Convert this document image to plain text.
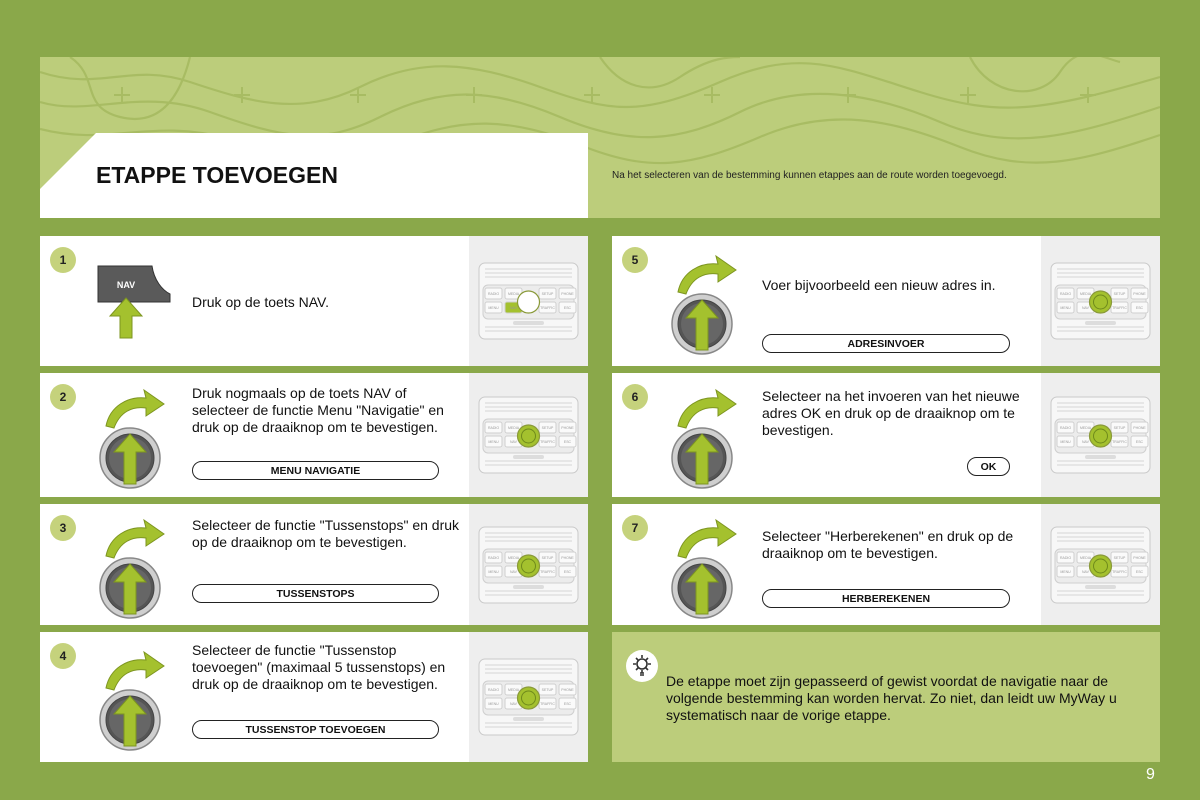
ETAPPE TOEVOEGEN	Na het selecteren van de bestemming kunnen etappes aan de route worden toegevoegd.
RADIO	MEDIA	SETUP PHONE
MENU	NAV	TRAFFIC	ESC
1
NAV
Druk op de toets NAV.
RADIO	MEDIA	SETUP PHONE
MENU	NAV	TRAFFIC	ESC
2	Druk nogmaals op de toets NAV of selecteer de functie Menu "Navigatie" en druk op de draaiknop om te bevestigen.
MENU NAVIGATIE
RADIO	MEDIA	SETUP PHONE
MENU	NAV	TRAFFIC	ESC
3	Selecteer de functie "Tussenstops" en druk op de draaiknop om te bevestigen.
TUSSENSTOPS
RADIO	MEDIA	SETUP PHONE
MENU	NAV	TRAFFIC	ESC
4	Selecteer de functie "Tussenstop toevoegen" (maximaal 5 tussenstops) en druk op de draaiknop om te bevestigen.
TUSSENSTOP TOEVOEGEN
RADIO	MEDIA	SETUP PHONE
MENU	NAV	TRAFFIC	ESC
5
Voer bijvoorbeeld een nieuw adres in.
ADRESINVOER
RADIO	MEDIA	SETUP PHONE
MENU	NAV	TRAFFIC	ESC
6	Selecteer na het invoeren van het nieuwe adres OK en druk op de draaiknop om te bevestigen.
OK
RADIO	MEDIA	SETUP PHONE
MENU	NAV	TRAFFIC	ESC
7	Selecteer "Herberekenen" en druk op de draaiknop om te bevestigen.
HERBEREKENEN
De etappe moet zijn gepasseerd of gewist voordat de navigatie naar de volgende bestemming kan worden hervat. Zo niet, dan leidt uw MyWay u systematisch naar de vorige etappe.
9
